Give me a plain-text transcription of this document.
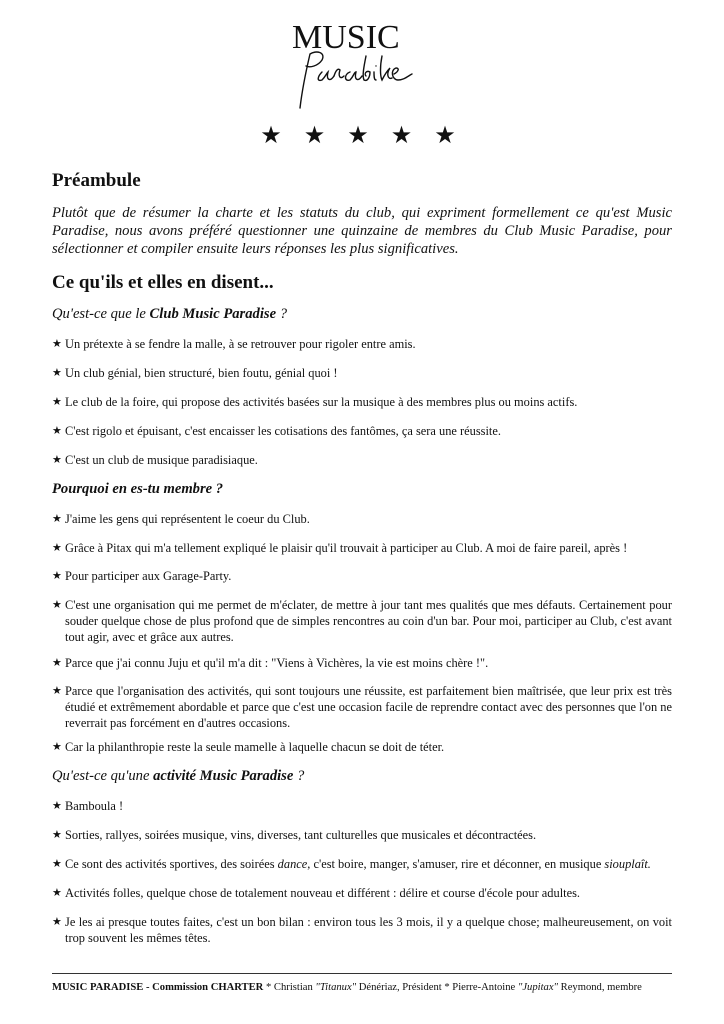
MUSIC
★ ★ ★ ★ ★
Préambule

Plutôt que de résumer la charte et les statuts du club, qui expriment formellement ce qu'est Music Paradise, nous avons préféré questionner une quinzaine de membres du Club Music Paradise, pour sélectionner et compiler ensuite leurs réponses les plus significatives.

Ce qu'ils et elles en disent...

Qu'est-ce que le Club Music Paradise ?

★ Un prétexte à se fendre la malle, à se retrouver pour rigoler entre amis.
★ Un club génial, bien structuré, bien foutu, génial quoi !
★ Le club de la foire, qui propose des activités basées sur la musique à des membres plus ou moins actifs.
★ C'est rigolo et épuisant, c'est encaisser les cotisations des fantômes, ça sera une réussite.
★ C'est un club de musique paradisiaque.

Pourquoi en es-tu membre ?

★ J'aime les gens qui représentent le coeur du Club.
★ Grâce à Pitax qui m'a tellement expliqué le plaisir qu'il trouvait à participer au Club. A moi de faire pareil, après !
★ Pour participer aux Garage-Party.
★ C'est une organisation qui me permet de m'éclater, de mettre à jour tant mes qualités que mes défauts. Certainement pour souder quelque chose de plus profond que de simples rencontres au coin d'un bar. Pour moi, participer au Club, c'est avant tout agir, avec et grâce aux autres.
★ Parce que j'ai connu Juju et qu'il m'a dit : "Viens à Vichères, la vie est moins chère !".
★ Parce que l'organisation des activités, qui sont toujours une réussite, est parfaitement bien maîtrisée, que leur prix est très étudié et extrêmement abordable et parce que c'est une occasion facile de reprendre contact avec des personnes que l'on ne reverrait pas forcément en d'autres occasions.
★ Car la philanthropie reste la seule mamelle à laquelle chacun se doit de téter.

Qu'est-ce qu'une activité Music Paradise ?

★ Bamboula !
★ Sorties, rallyes, soirées musique, vins, diverses, tant culturelles que musicales et décontractées.
★ Ce sont des activités sportives, des soirées dance, c'est boire, manger, s'amuser, rire et déconner, en musique siouplaît.
★ Activités folles, quelque chose de totalement nouveau et différent : délire et course d'école pour adultes.
★ Je les ai presque toutes faites, c'est un bon bilan : environ tous les 3 mois, il y a quelque chose; malheureusement, on voit trop souvent les mêmes têtes.
MUSIC PARADISE - Commission CHARTER * Christian "Titanux" Dénériaz, Président * Pierre-Antoine "Jupitax" Reymond, membre
